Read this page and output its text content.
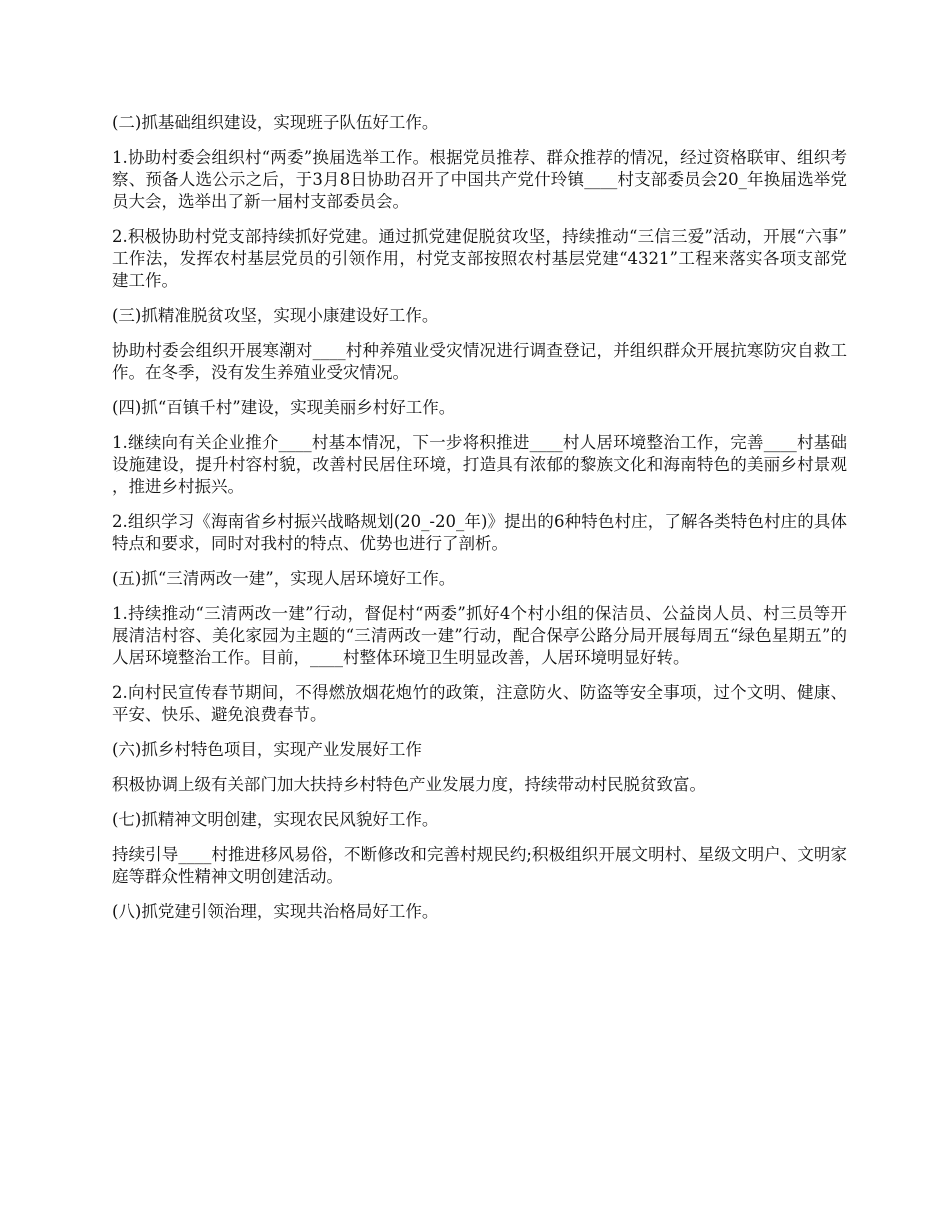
(二)抓基础组织建设，实现班子队伍好工作。

1.协助村委会组织村“两委”换届选举工作。根据党员推荐、群众推荐的情况，经过资格联审、组织考察、预备人选公示之后，于3月8日协助召开了中国共产党什玲镇____村支部委员会20_年换届选举党员大会，选举出了新一届村支部委员会。

2.积极协助村党支部持续抓好党建。通过抓党建促脱贫攻坚，持续推动“三信三爱”活动，开展“六事”工作法，发挥农村基层党员的引领作用，村党支部按照农村基层党建“4321”工程来落实各项支部党建工作。

(三)抓精准脱贫攻坚，实现小康建设好工作。

协助村委会组织开展寒潮对____村种养殖业受灾情况进行调查登记，并组织群众开展抗寒防灾自救工作。在冬季，没有发生养殖业受灾情况。

(四)抓“百镇千村”建设，实现美丽乡村好工作。

1.继续向有关企业推介____村基本情况，下一步将积推进____村人居环境整治工作，完善____村基础设施建设，提升村容村貌，改善村民居住环境，打造具有浓郁的黎族文化和海南特色的美丽乡村景观，推进乡村振兴。

2.组织学习《海南省乡村振兴战略规划(20_-20_年)》提出的6种特色村庄，了解各类特色村庄的具体特点和要求，同时对我村的特点、优势也进行了剖析。

(五)抓“三清两改一建”，实现人居环境好工作。

1.持续推动“三清两改一建”行动，督促村“两委”抓好4个村小组的保洁员、公益岗人员、村三员等开展清洁村容、美化家园为主题的“三清两改一建”行动，配合保亭公路分局开展每周五“绿色星期五”的人居环境整治工作。目前，____村整体环境卫生明显改善，人居环境明显好转。

2.向村民宣传春节期间，不得燃放烟花炮竹的政策，注意防火、防盗等安全事项，过个文明、健康、平安、快乐、避免浪费春节。

(六)抓乡村特色项目，实现产业发展好工作

积极协调上级有关部门加大扶持乡村特色产业发展力度，持续带动村民脱贫致富。

(七)抓精神文明创建，实现农民风貌好工作。

持续引导____村推进移风易俗，不断修改和完善村规民约;积极组织开展文明村、星级文明户、文明家庭等群众性精神文明创建活动。

(八)抓党建引领治理，实现共治格局好工作。
